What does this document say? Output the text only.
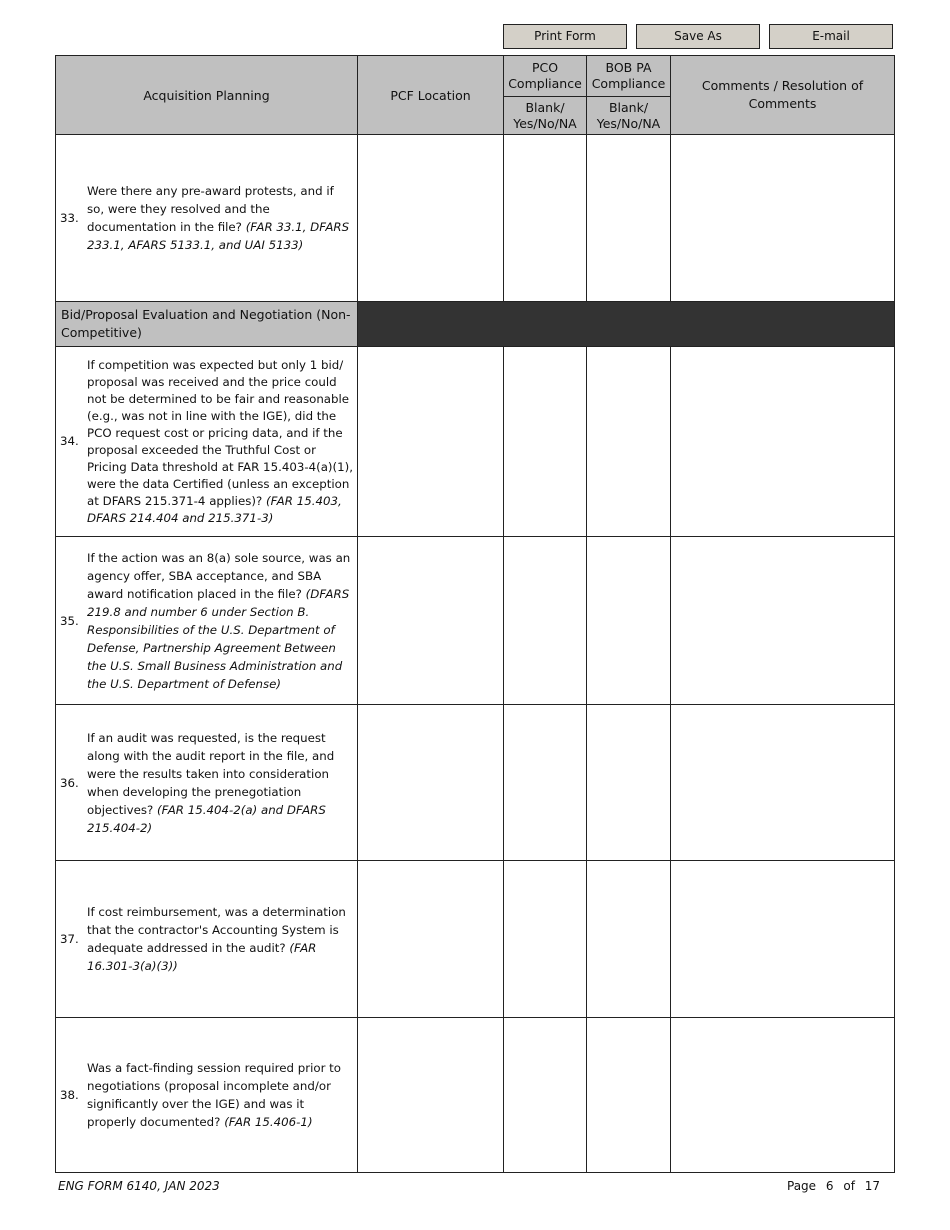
Print Form	Save As	E-mail
Acquisition Planning	PCF Location	PCO Compliance	BOB PA Compliance	Comments / Resolution of Comments
		Blank/ Yes/No/NA	Blank/ Yes/No/NA	

33.
Were there any pre-award protests, and if so, were they resolved and the documentation in the file? (FAR 33.1, DFARS 233.1, AFARS 5133.1, and UAI 5133)				

Bid/Proposal Evaluation and Negotiation (Non-Competitive)				

34.
If competition was expected but only 1 bid/ proposal was received and the price could not be determined to be fair and reasonable (e.g., was not in line with the IGE), did the PCO request cost or pricing data, and if the proposal exceeded the Truthful Cost or Pricing Data threshold at FAR 15.403-4(a)(1), were the data Certified (unless an exception at DFARS 215.371-4 applies)? (FAR 15.403, DFARS 214.404 and 215.371-3)				

35.
If the action was an 8(a) sole source, was an agency offer, SBA acceptance, and SBA award notification placed in the file? (DFARS 219.8 and number 6 under Section B. Responsibilities of the U.S. Department of Defense, Partnership Agreement Between the U.S. Small Business Administration and the U.S. Department of Defense)				

36.
If an audit was requested, is the request along with the audit report in the file, and were the results taken into consideration when developing the prenegotiation objectives? (FAR 15.404-2(a) and DFARS 215.404-2)				

37.
If cost reimbursement, was a determination that the contractor's Accounting System is adequate addressed in the audit? (FAR 16.301-3(a)(3))				

38.
Was a fact-finding session required prior to negotiations (proposal incomplete and/or significantly over the IGE) and was it properly documented? (FAR 15.406-1)				

ENG FORM 6140, JAN 2023	Page 6 of 17
